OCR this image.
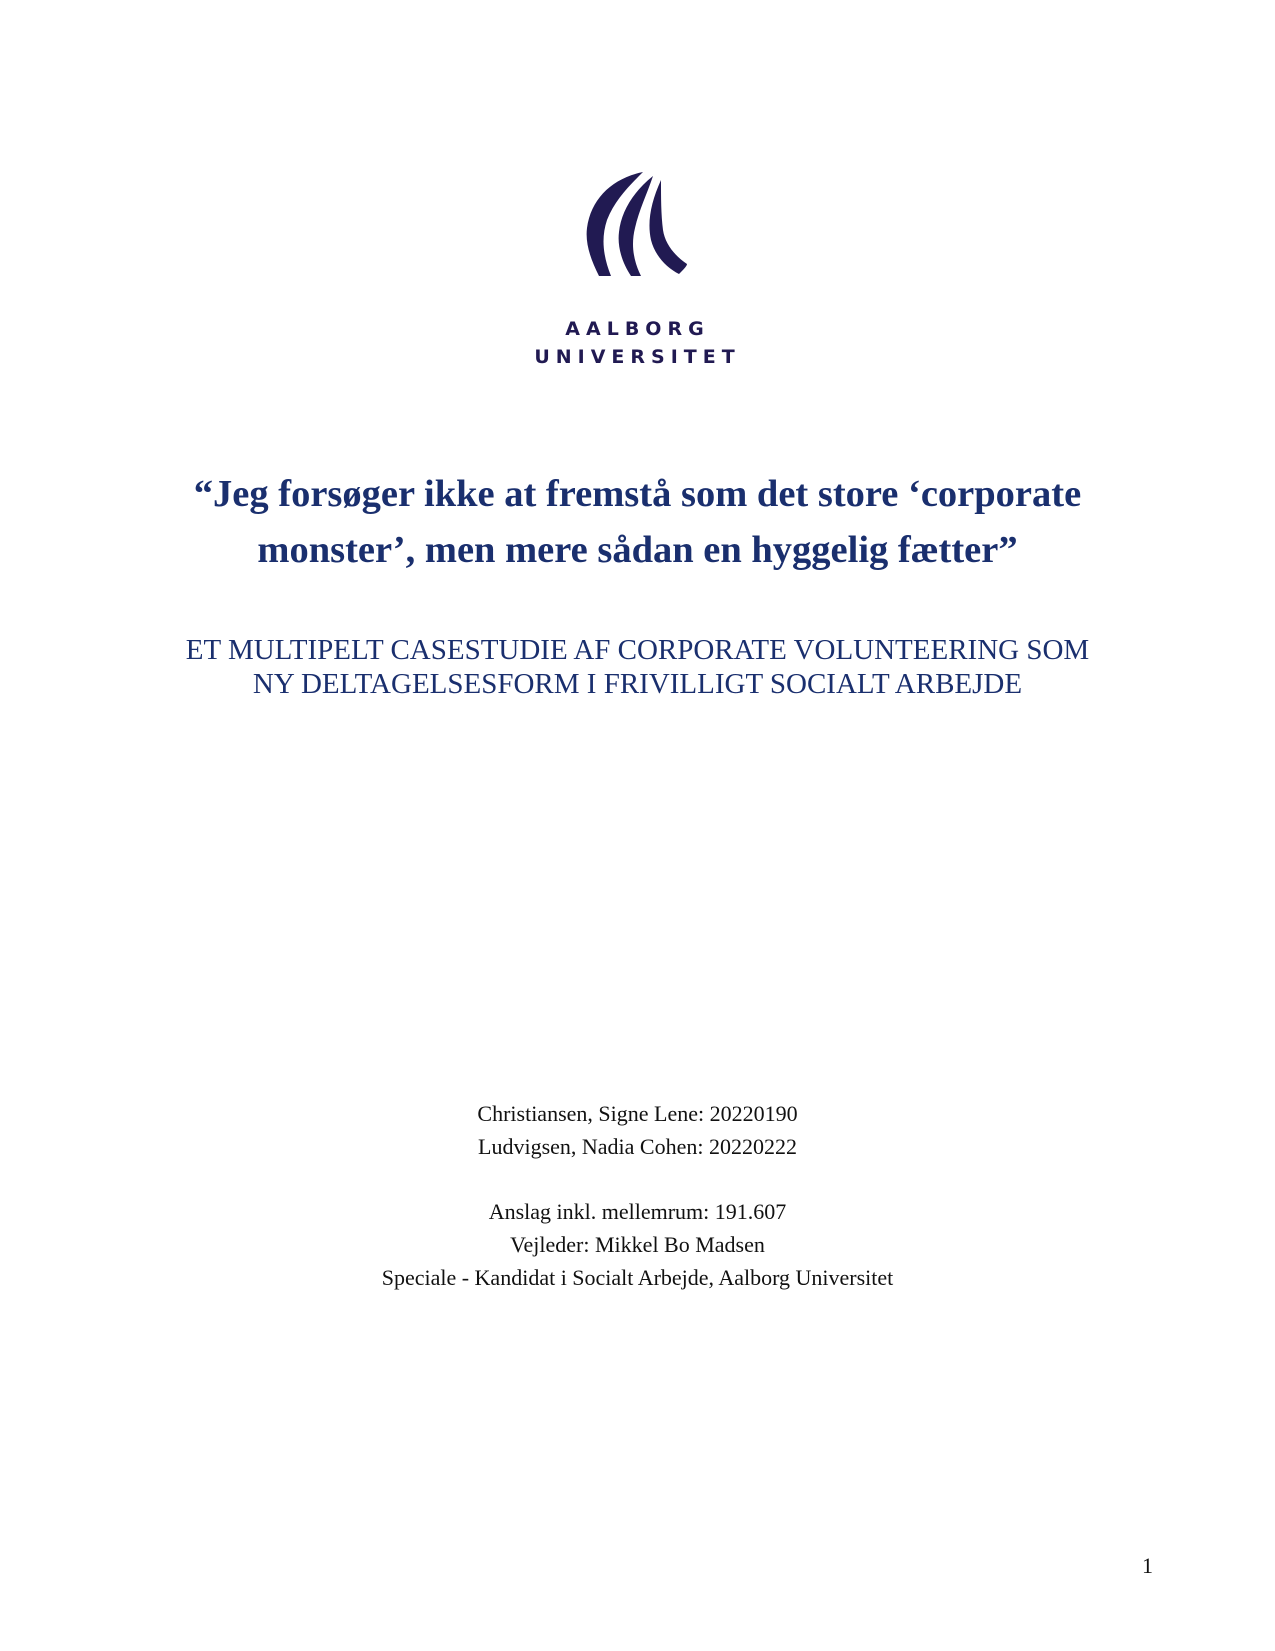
AALBORG
UNIVERSITET
“Jeg forsøger ikke at fremstå som det store ‘corporate
monster’, men mere sådan en hyggelig fætter”
ET MULTIPELT CASESTUDIE AF CORPORATE VOLUNTEERING SOM
NY DELTAGELSESFORM I FRIVILLIGT SOCIALT ARBEJDE
Christiansen, Signe Lene: 20220190
Ludvigsen, Nadia Cohen: 20220222
Anslag inkl. mellemrum: 191.607
Vejleder: Mikkel Bo Madsen
Speciale - Kandidat i Socialt Arbejde, Aalborg Universitet
1
